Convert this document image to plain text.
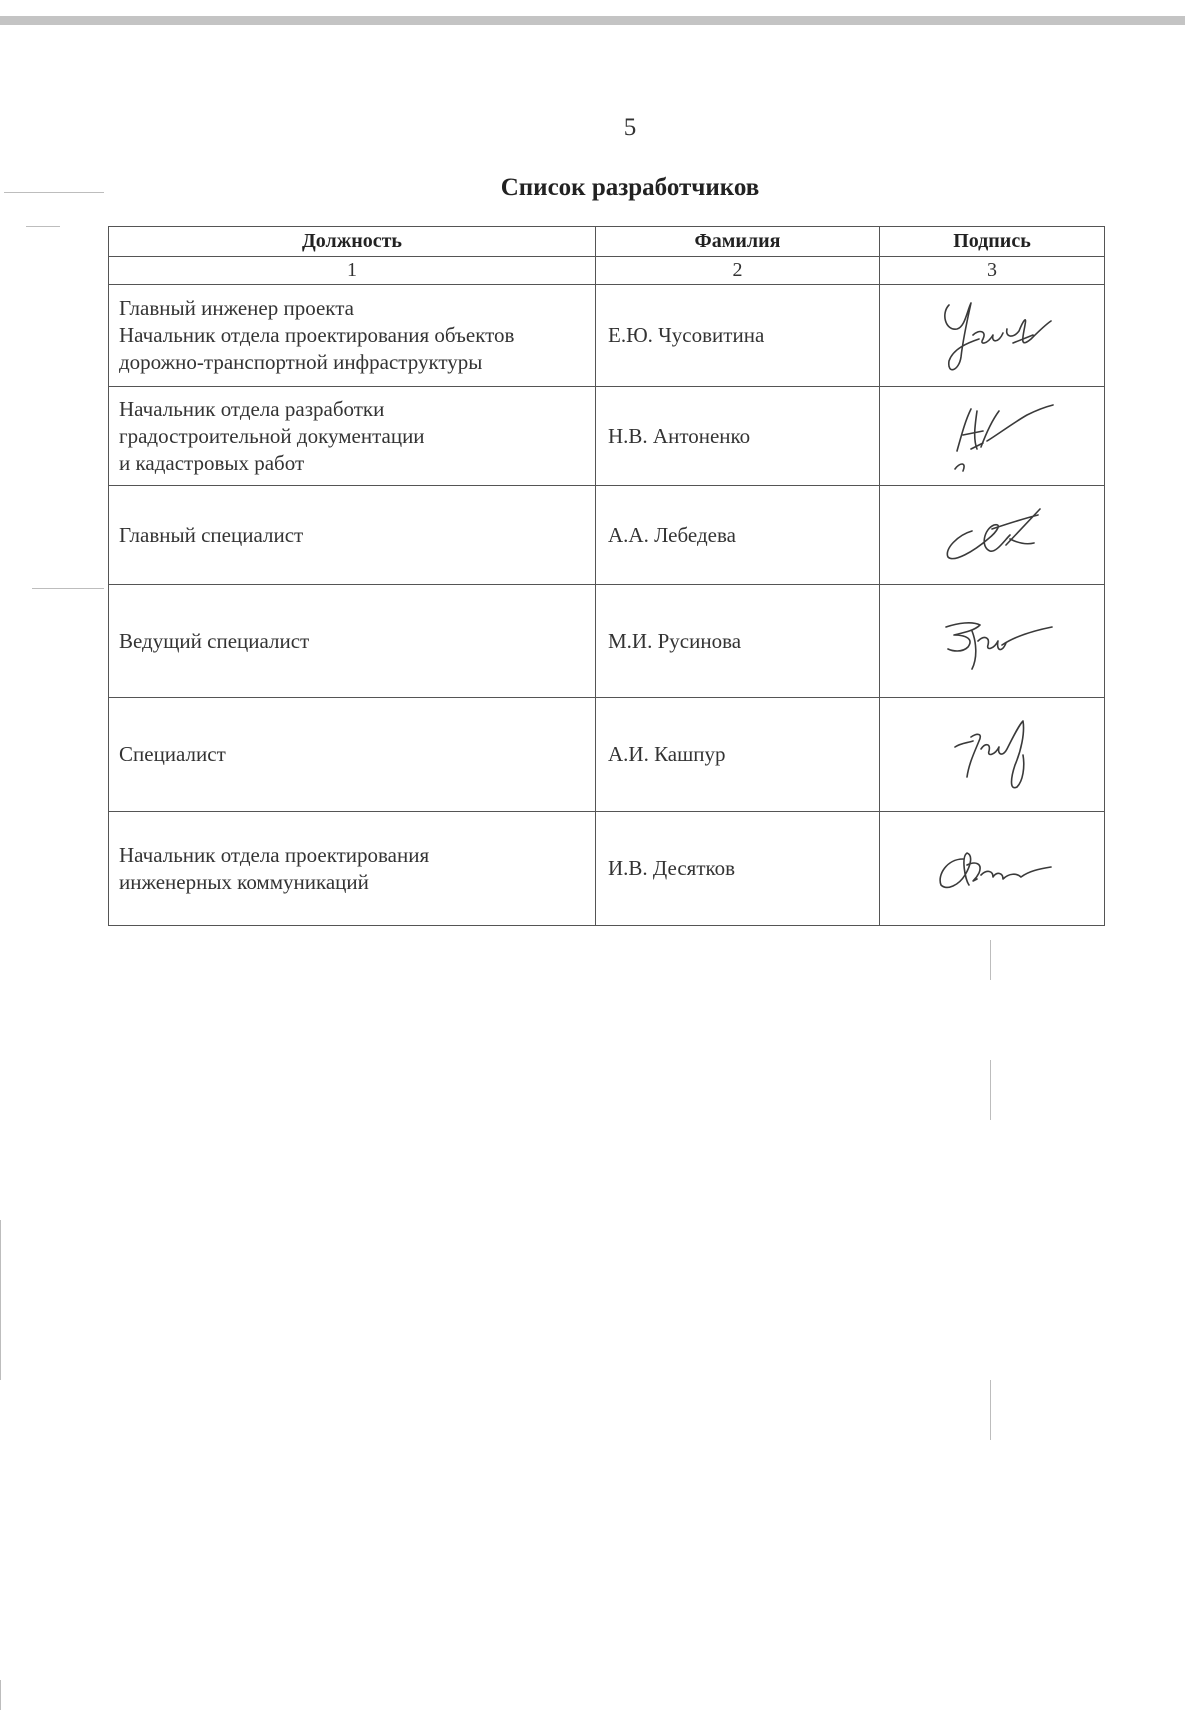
5
Список разработчиков
Должность	Фамилия	Подпись
1	2	3

Главный инженер проекта
Начальник отдела проектирования объектов
дорожно-транспортной инфраструктуры	Е.Ю. Чусовитина	

Начальник отдела разработки
градостроительной документации
и кадастровых работ	Н.В. Антоненко	

Главный специалист	А.А. Лебедева	

Ведущий специалист	М.И. Русинова	

Специалист	А.И. Кашпур	

Начальник отдела проектирования
инженерных коммуникаций	И.В. Десятков	
